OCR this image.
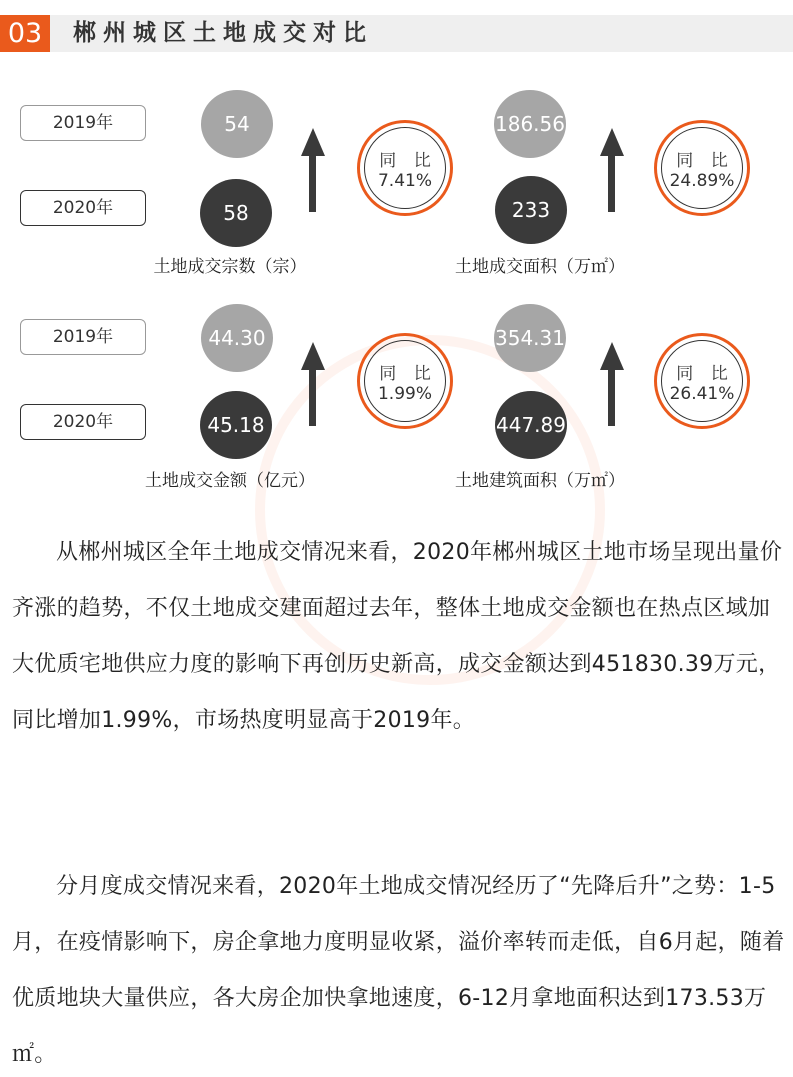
03	郴州城区土地成交对比
2019年
2020年
2019年
2020年
54
58
同 比
7.41%
土地成交宗数（宗）
186.56
233
同 比
24.89%
土地成交面积（万㎡）
44.30
45.18
同 比
1.99%
土地成交金额（亿元）
354.31
447.89
同 比
26.41%
土地建筑面积（万㎡）
从郴州城区全年土地成交情况来看，2020年郴州城区土地市场呈现出量价齐涨的趋势，不仅土地成交建面超过去年，整体土地成交金额也在热点区域加大优质宅地供应力度的影响下再创历史新高，成交金额达到451830.39万元，同比增加1.99%，市场热度明显高于2019年。
分月度成交情况来看，2020年土地成交情况经历了“先降后升”之势：1-5月，在疫情影响下，房企拿地力度明显收紧，溢价率转而走低，自6月起，随着优质地块大量供应，各大房企加快拿地速度，6-12月拿地面积达到173.53万㎡。
